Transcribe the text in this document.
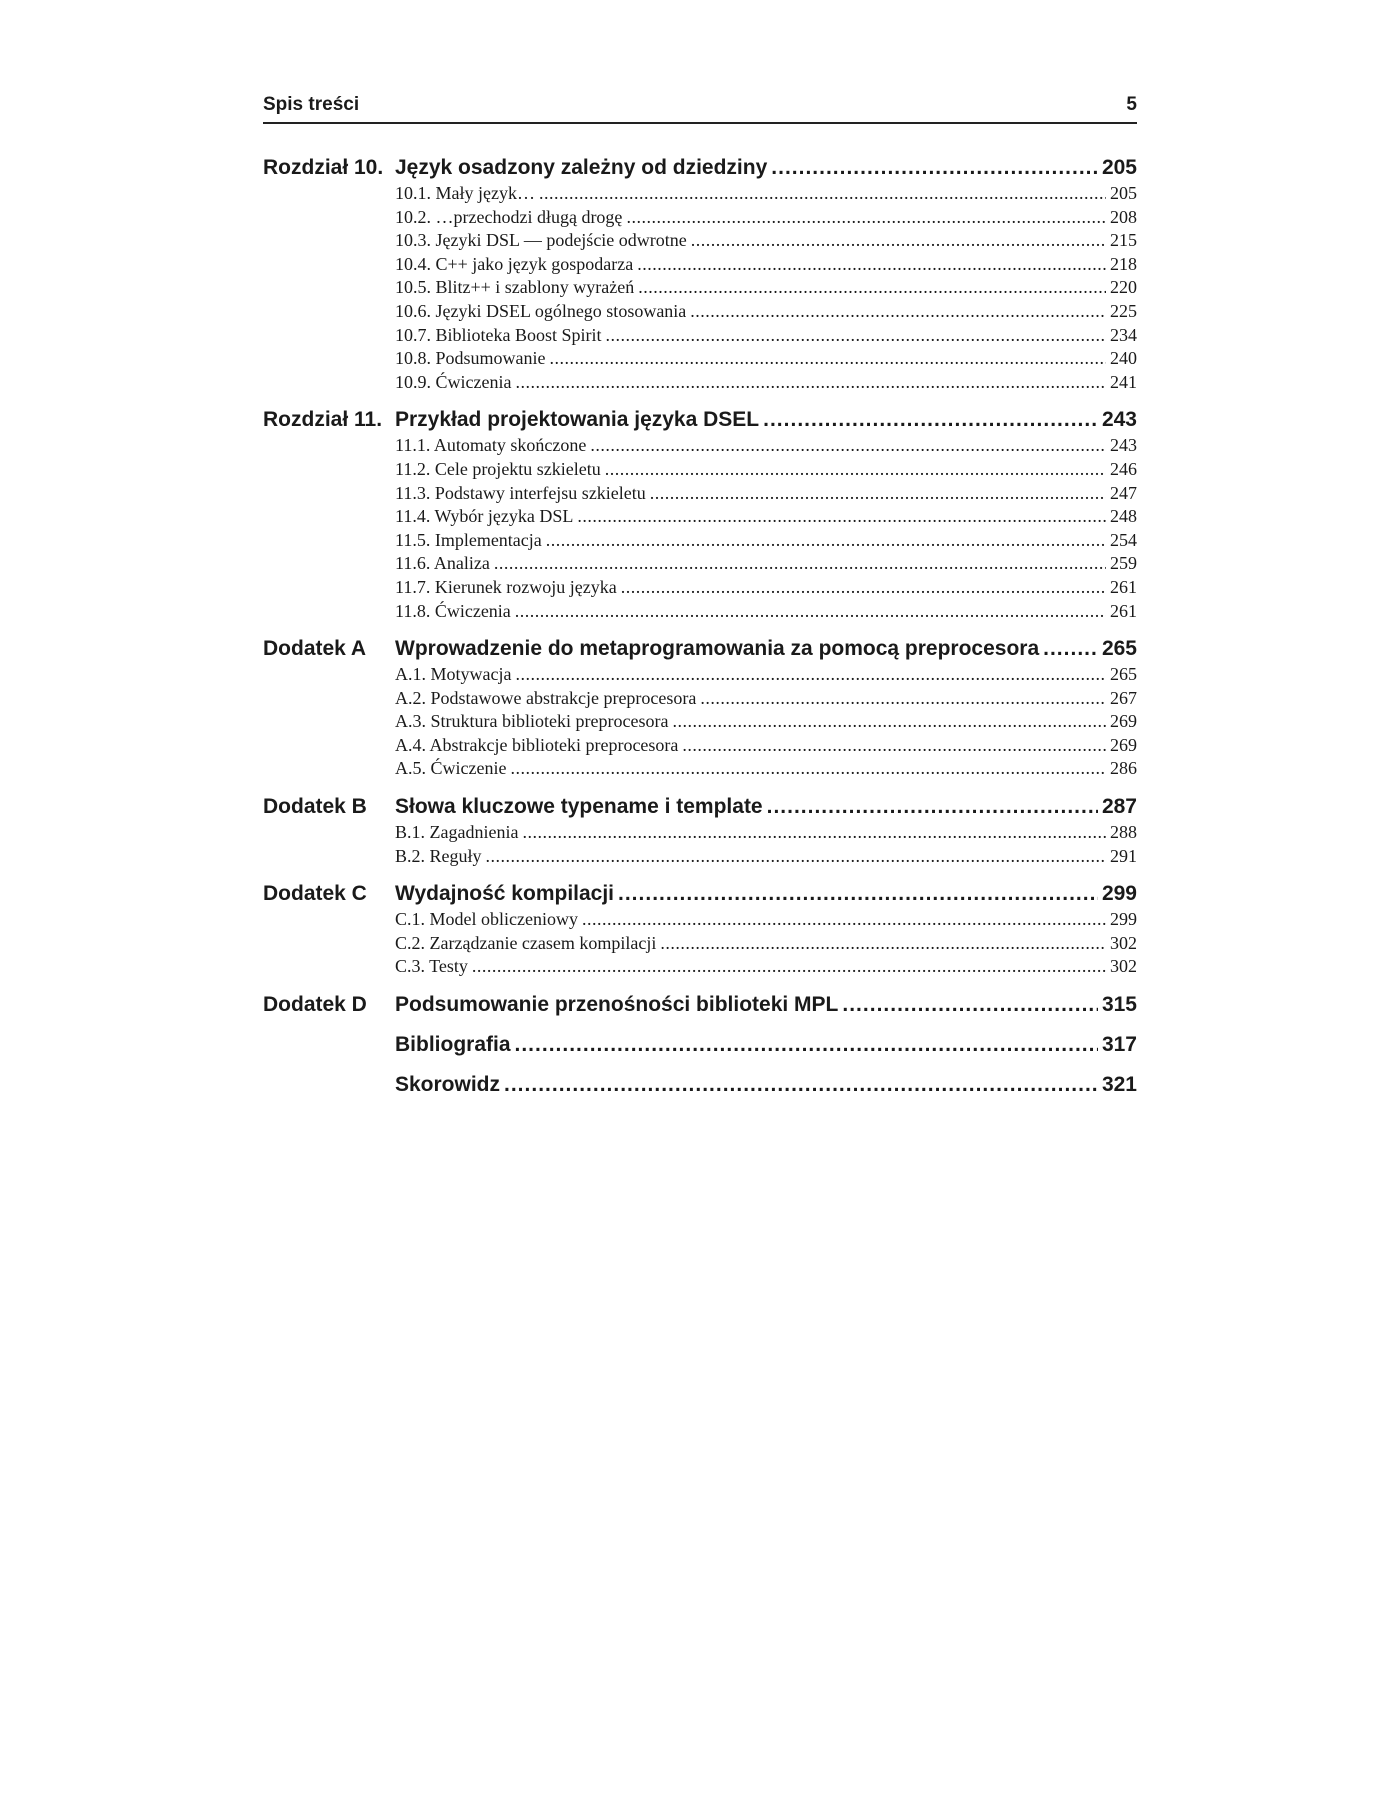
Spis treści	5
Rozdział 10. Język osadzony zależny od dziedziny .....	205
10.1. Mały język… .....	205
10.2. …przechodzi długą drogę .....	208
10.3. Języki DSL — podejście odwrotne .....	215
10.4. C++ jako język gospodarza .....	218
10.5. Blitz++ i szablony wyrażeń .....	220
10.6. Języki DSEL ogólnego stosowania .....	225
10.7. Biblioteka Boost Spirit .....	234
10.8. Podsumowanie .....	240
10.9. Ćwiczenia .....	241
Rozdział 11. Przykład projektowania języka DSEL .....	243
11.1. Automaty skończone .....	243
11.2. Cele projektu szkieletu .....	246
11.3. Podstawy interfejsu szkieletu .....	247
11.4. Wybór języka DSL .....	248
11.5. Implementacja .....	254
11.6. Analiza .....	259
11.7. Kierunek rozwoju języka .....	261
11.8. Ćwiczenia .....	261
Dodatek A	Wprowadzenie do metaprogramowania za pomocą preprocesora .....	265
A.1. Motywacja .....	265
A.2. Podstawowe abstrakcje preprocesora .....	267
A.3. Struktura biblioteki preprocesora .....	269
A.4. Abstrakcje biblioteki preprocesora .....	269
A.5. Ćwiczenie .....	286
Dodatek B	Słowa kluczowe typename i template .....	287
B.1. Zagadnienia .....	288
B.2. Reguły .....	291
Dodatek C	Wydajność kompilacji .....	299
C.1. Model obliczeniowy .....	299
C.2. Zarządzanie czasem kompilacji .....	302
C.3. Testy .....	302
Dodatek D	Podsumowanie przenośności biblioteki MPL .....	315
Bibliografia .....	317
Skorowidz .....	321
